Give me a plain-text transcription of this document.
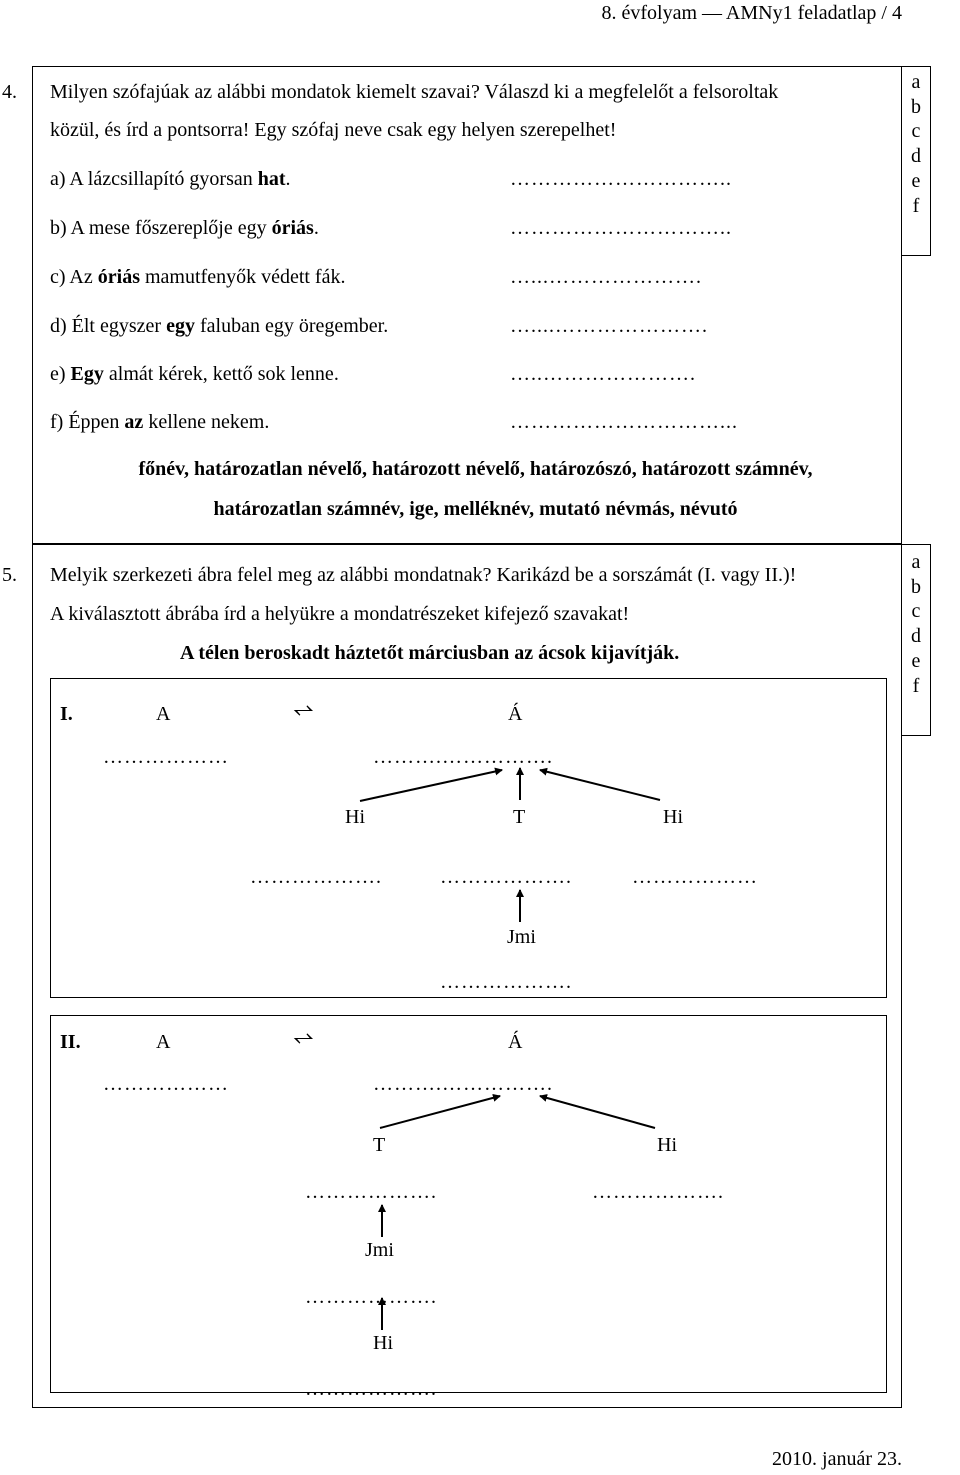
8. évfolyam — AMNy1 feladatlap / 4
a
b
c
d
e
f
4. Milyen szófajúak az alábbi mondatok kiemelt szavai? Válaszd ki a megfelelőt a felsoroltak
közül, és írd a pontsorra! Egy szófaj neve csak egy helyen szerepelhet!
a) A lázcsillapító gyorsan hat.	…………………………..
b) A mese főszereplője egy óriás.	…………………………..
c) Az óriás mamutfenyők védett fák.	…...………………….
d) Élt egyszer egy faluban egy öregember.	…....………………….
e) Egy almát kérek, kettő sok lenne.	…..………………….
f) Éppen az kellene nekem.	…………………………...
főnév, határozatlan névelő, határozott névelő, határozószó, határozott számnév,
határozatlan számnév, ige, melléknév, mutató névmás, névutó
a
b
c
d
e
f
5. Melyik szerkezeti ábra felel meg az alábbi mondatnak? Karikázd be a sorszámát (I. vagy II.)!
A kiválasztott ábrába írd a helyükre a mondatrészeket kifejező szavakat!
A télen beroskadt háztetőt márciusban az ácsok kijavítják.
I.	A	⥋	Á
………………	……….…………….
Hi	T	Hi
……………….	……………….	………………
Jmi
……………….
II.	A	⥋	Á
………………	……….…………….
T	Hi
……………….	……………….
Jmi
……………….
Hi
……………….
2010. január 23.
